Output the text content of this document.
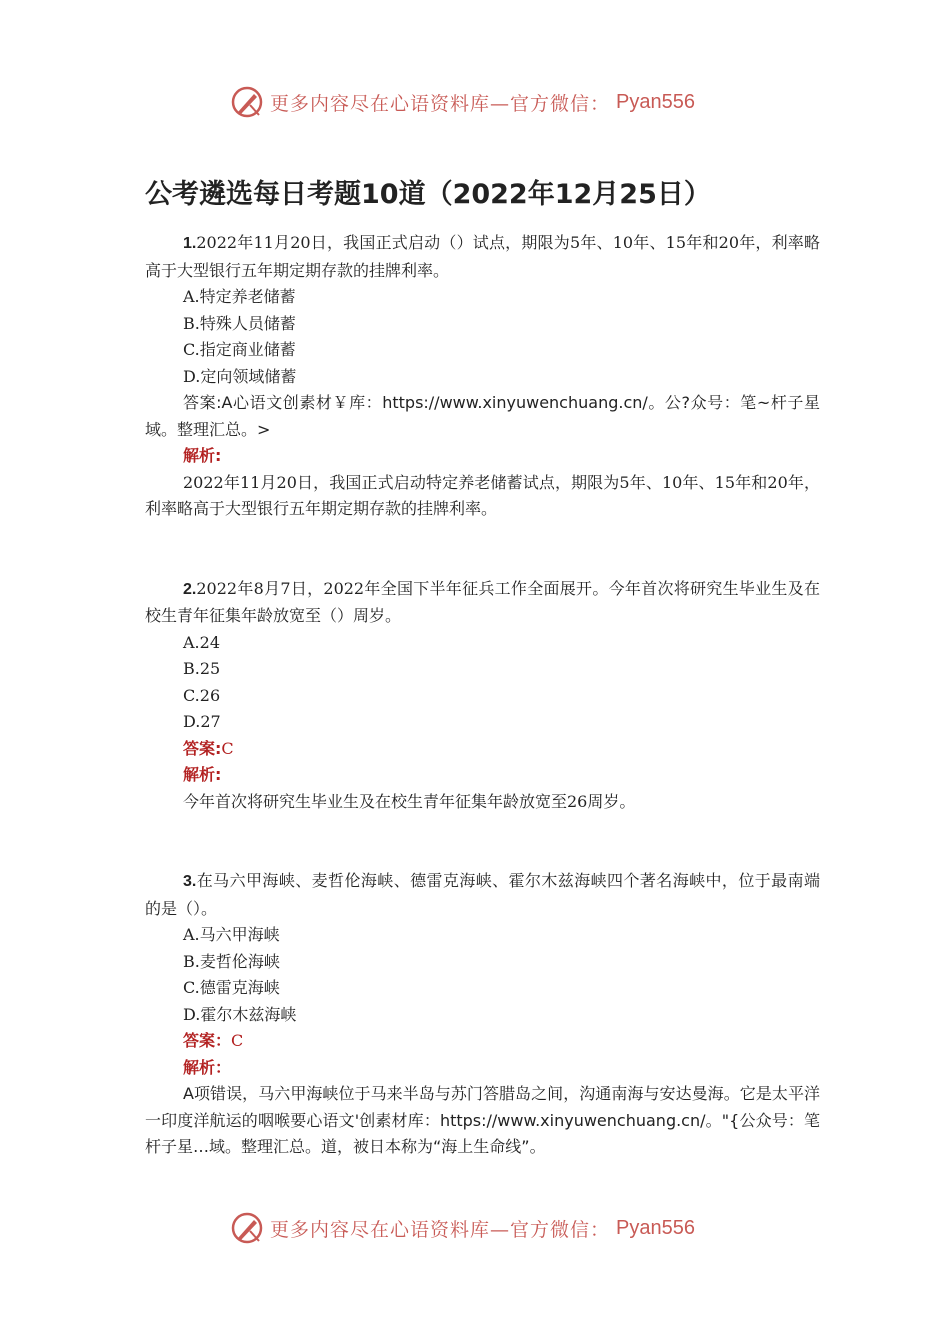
更多内容尽在心语资料库—官方微信： Pyan556
公考遴选每日考题10道（2022年12月25日）

1.2022年11月20日，我国正式启动（）试点，期限为5年、10年、15年和20年，利率略高于大型银行五年期定期存款的挂牌利率。

A.特定养老储蓄

B.特殊人员储蓄

C.指定商业储蓄

D.定向领域储蓄

答案:A心语文创素材￥库：https://www.xinyuwenchuang.cn/。公?众号：笔~杆子星域。整理汇总。>

解析:

2022年11月20日，我国正式启动特定养老储蓄试点，期限为5年、10年、15年和20年，利率略高于大型银行五年期定期存款的挂牌利率。

2.2022年8月7日，2022年全国下半年征兵工作全面展开。今年首次将研究生毕业生及在校生青年征集年龄放宽至（）周岁。

A.24

B.25

C.26

D.27

答案:C

解析:

今年首次将研究生毕业生及在校生青年征集年龄放宽至26周岁。

3.在马六甲海峡、麦哲伦海峡、德雷克海峡、霍尔木兹海峡四个著名海峡中，位于最南端的是（）。

A.马六甲海峡

B.麦哲伦海峡

C.德雷克海峡

D.霍尔木兹海峡

答案：C

解析：

A项错误，马六甲海峡位于马来半岛与苏门答腊岛之间，沟通南海与安达曼海。它是太平洋一印度洋航运的咽喉要心语文'创素材库：https://www.xinyuwenchuang.cn/。"{公众号：笔杆子星…域。整理汇总。道，被日本称为“海上生命线”。

更多内容尽在心语资料库—官方微信： Pyan556
